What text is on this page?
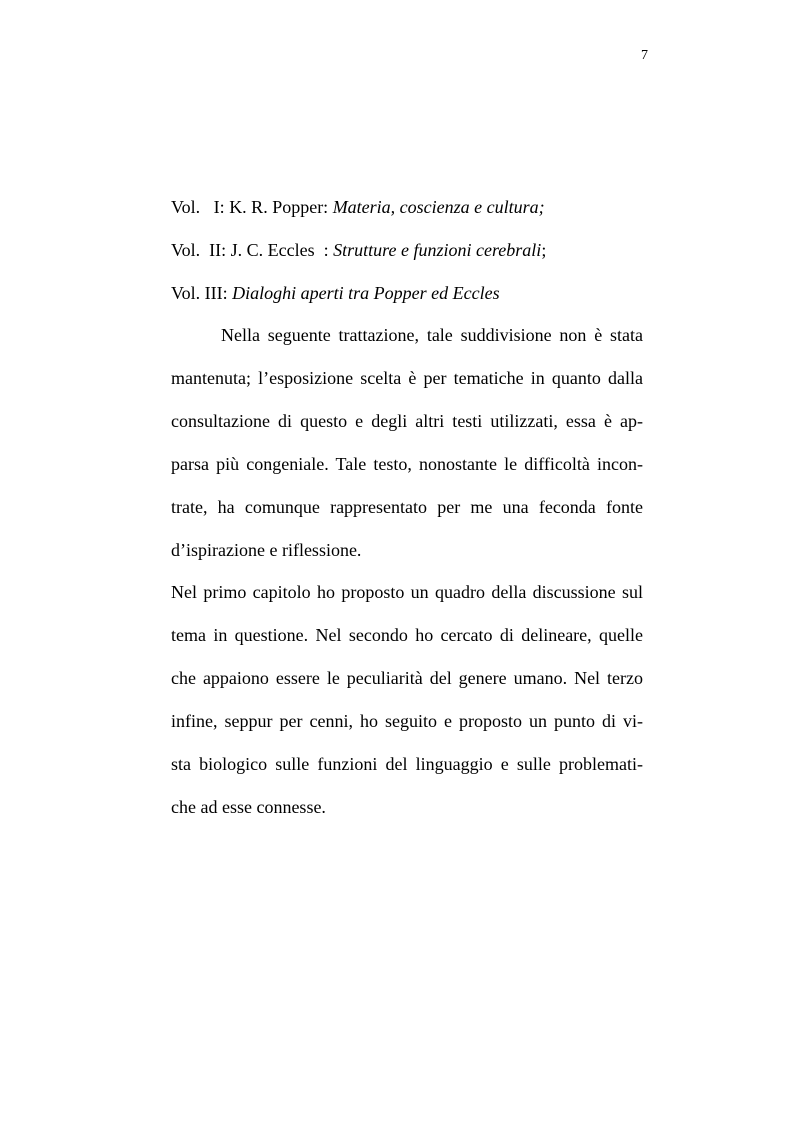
7
Vol.   I: K. R. Popper: Materia, coscienza e cultura;
Vol.  II: J. C. Eccles  : Strutture e funzioni cerebrali;
Vol. III: Dialoghi aperti tra Popper ed Eccles
Nella seguente trattazione, tale suddivisione non è stata
mantenuta; l’esposizione scelta è per tematiche in quanto dalla
consultazione di questo e degli altri testi utilizzati, essa è ap-
parsa più congeniale. Tale testo, nonostante le difficoltà incon-
trate, ha comunque rappresentato per me una feconda fonte
d’ispirazione e riflessione.
Nel primo capitolo ho proposto un quadro della discussione sul
tema in questione. Nel secondo ho cercato di delineare, quelle
che appaiono essere le peculiarità del genere umano. Nel terzo
infine, seppur per cenni, ho seguito e proposto un punto di vi-
sta biologico sulle funzioni del linguaggio e sulle problemati-
che ad esse connesse.
